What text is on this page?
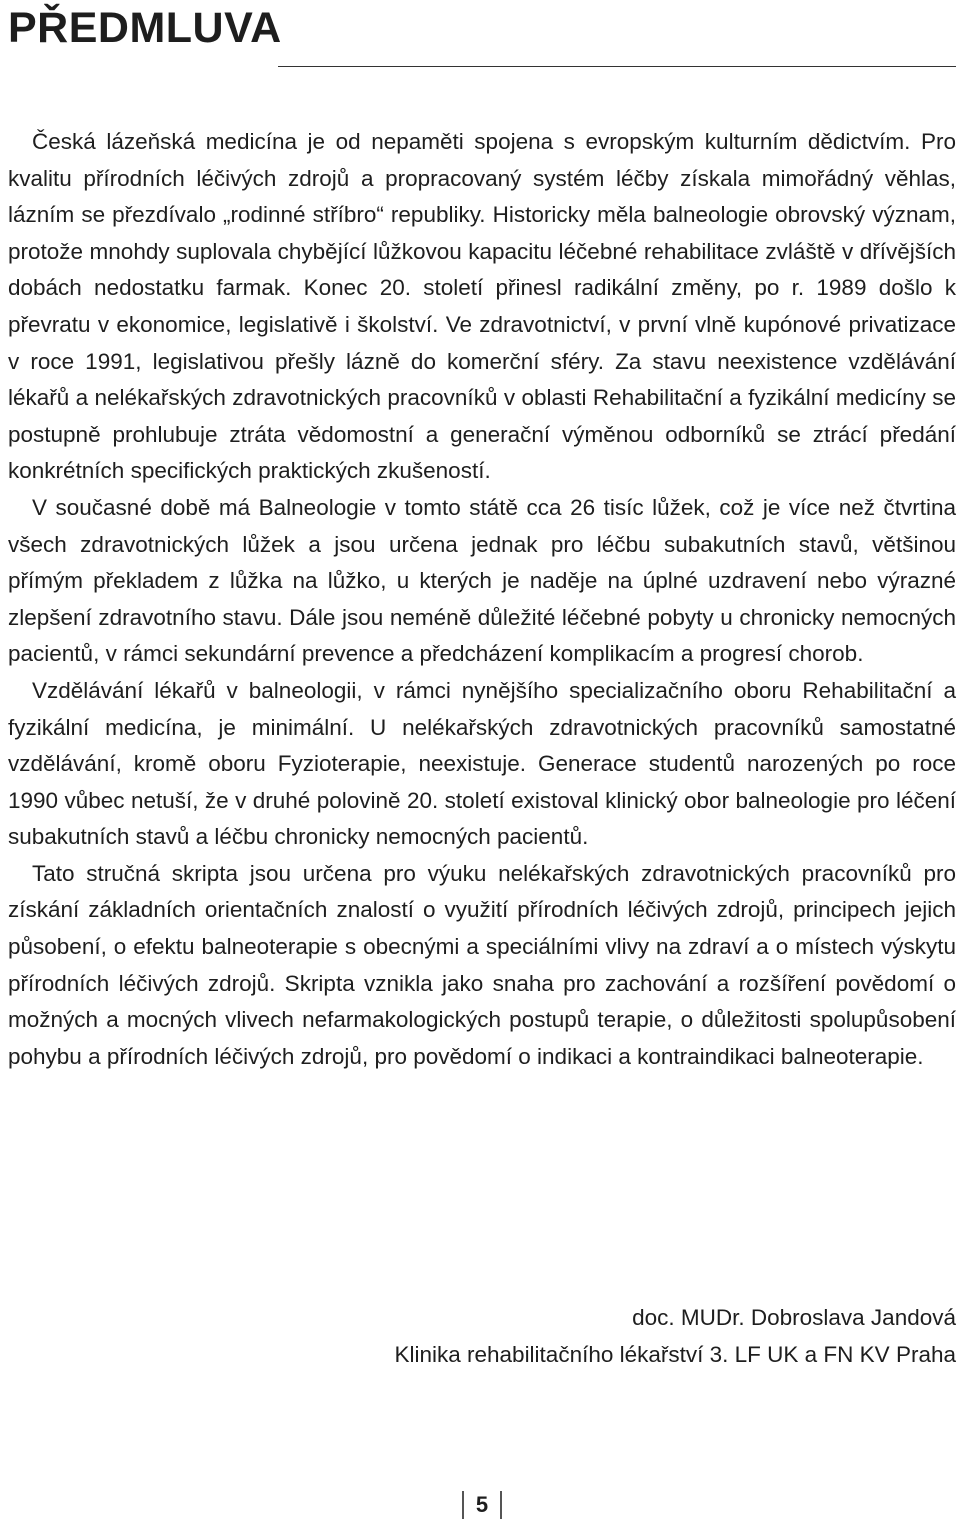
PŘEDMLUVA

Česká lázeňská medicína je od nepaměti spojena s evropským kulturním dědictvím. Pro kvalitu přírodních léčivých zdrojů a propracovaný systém léčby získala mimořádný věhlas, lázním se přezdívalo „rodinné stříbro“ republiky. Historicky měla balneologie obrovský význam, protože mnohdy suplovala chybějící lůžkovou kapacitu léčebné rehabilitace zvláště v dřívějších dobách nedostatku farmak. Konec 20. století přinesl radikální změny, po r. 1989 došlo k převratu v ekonomice, legislativě i školství. Ve zdravotnictví, v první vlně kupónové privatizace v roce 1991, legislativou přešly lázně do komerční sféry. Za stavu neexistence vzdělávání lékařů a nelékařských zdravotnických pracovníků v oblasti Rehabilitační a fyzikální medicíny se postupně prohlubuje ztráta vědomostní a generační výměnou odborníků se ztrácí předání konkrétních specifických praktických zkušeností.

V současné době má Balneologie v tomto státě cca 26 tisíc lůžek, což je více než čtvrtina všech zdravotnických lůžek a jsou určena jednak pro léčbu subakutních stavů, většinou přímým překladem z lůžka na lůžko, u kterých je naděje na úplné uzdravení nebo výrazné zlepšení zdravotního stavu. Dále jsou neméně důležité léčebné pobyty u chronicky nemocných pacientů, v rámci sekundární prevence a předcházení komplikacím a progresí chorob.

Vzdělávání lékařů v balneologii, v rámci nynějšího specializačního oboru Rehabilitační a fyzikální medicína, je minimální. U nelékařských zdravotnických pracovníků samostatné vzdělávání, kromě oboru Fyzioterapie, neexistuje. Generace studentů narozených po roce 1990 vůbec netuší, že v druhé polovině 20. století existoval klinický obor balneologie pro léčení subakutních stavů a léčbu chronicky nemocných pacientů.

Tato stručná skripta jsou určena pro výuku nelékařských zdravotnických pracovníků pro získání základních orientačních znalostí o využití přírodních léčivých zdrojů, principech jejich působení, o efektu balneoterapie s obecnými a speciálními vlivy na zdraví a o místech výskytu přírodních léčivých zdrojů. Skripta vznikla jako snaha pro zachování a rozšíření povědomí o možných a mocných vlivech nefarmakologických postupů terapie, o důležitosti spolupůsobení pohybu a přírodních léčivých zdrojů, pro povědomí o indikaci a kontraindikaci balneoterapie.

doc. MUDr. Dobroslava Jandová
Klinika rehabilitačního lékařství 3. LF UK a FN KV Praha
5
